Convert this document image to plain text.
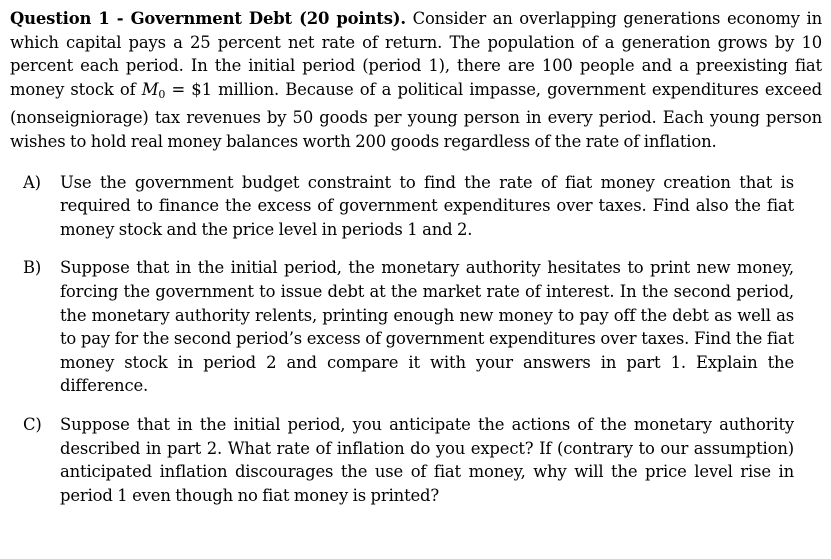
Question 1 - Government Debt (20 points). Consider an overlapping generations economy in which capital pays a 25 percent net rate of return. The population of a generation grows by 10 percent each period. In the initial period (period 1), there are 100 people and a preexisting fiat money stock of M0 = $1 million. Because of a political impasse, government expenditures exceed (nonseigniorage) tax revenues by 50 goods per young person in every period. Each young person wishes to hold real money balances worth 200 goods regardless of the rate of inflation.

A) Use the government budget constraint to find the rate of fiat money creation that is required to finance the excess of government expenditures over taxes. Find also the fiat money stock and the price level in periods 1 and 2.
B) Suppose that in the initial period, the monetary authority hesitates to print new money, forcing the government to issue debt at the market rate of interest. In the second period, the monetary authority relents, printing enough new money to pay off the debt as well as to pay for the second period’s excess of government expenditures over taxes. Find the fiat money stock in period 2 and compare it with your answers in part 1. Explain the difference.
C) Suppose that in the initial period, you anticipate the actions of the monetary authority described in part 2. What rate of inflation do you expect? If (contrary to our assumption) anticipated inflation discourages the use of fiat money, why will the price level rise in period 1 even though no fiat money is printed?
